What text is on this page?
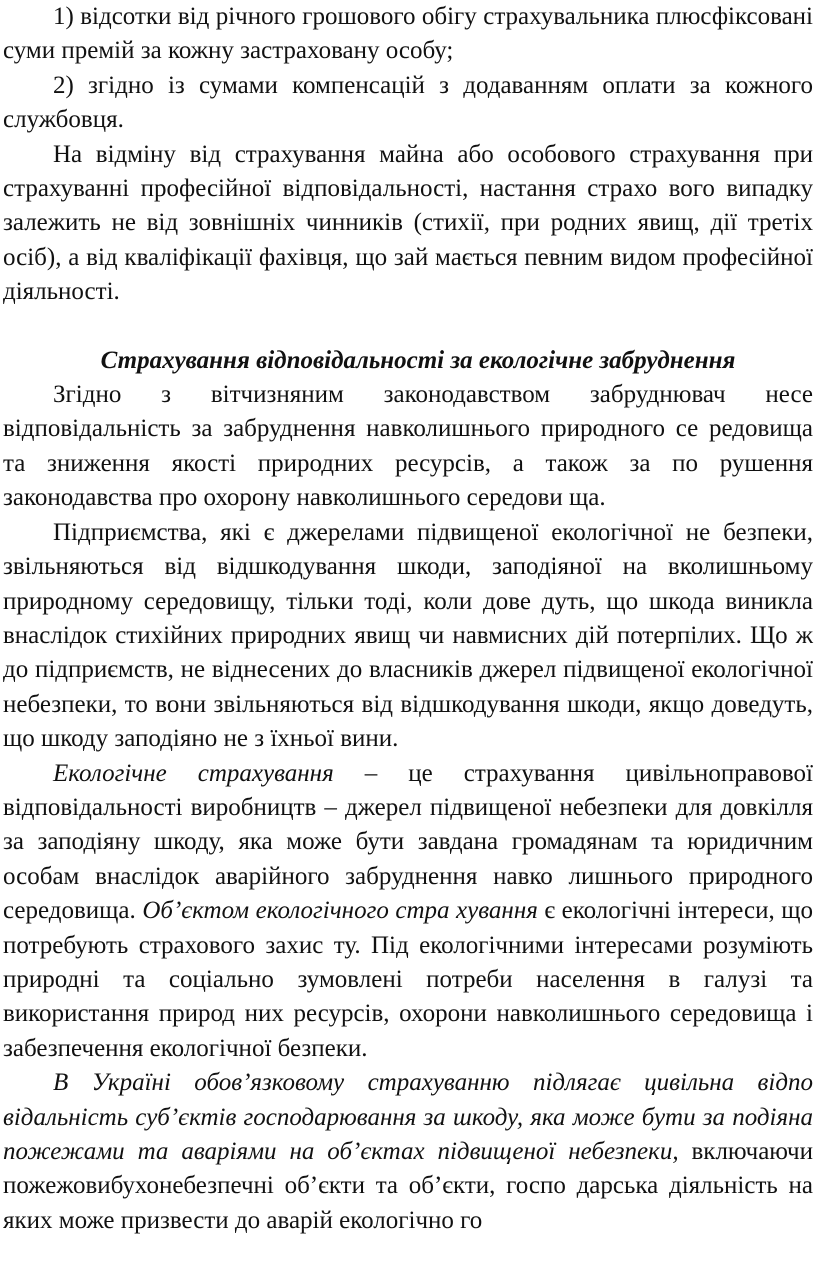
1) відсотки від річного грошового обігу страхувальника плюсфіксовані суми премій за кожну застраховану особу;

2) згідно із сумами компенсацій з додаванням оплати за кожного службовця.

На відміну від страхування майна або особового страхування при страхуванні професійної відповідальності, настання страхо вого випадку залежить не від зовнішніх чинників (стихії, при родних явищ, дії третіх осіб), а від кваліфікації фахівця, що зай мається певним видом професійної діяльності.

Страхування відповідальності за екологічне забруднення

Згідно з вітчизняним законодавством забруднювач несе відповідальність за забруднення навколишнього природного се редовища та зниження якості природних ресурсів, а також за по рушення законодавства про охорону навколишнього середови ща.

Підприємства, які є джерелами підвищеної екологічної не безпеки, звільняються від відшкодування шкоди, заподіяної на вколишньому природному середовищу, тільки тоді, коли дове дуть, що шкода виникла внаслідок стихійних природних явищ чи навмисних дій потерпілих. Що ж до підприємств, не віднесених до власників джерел підвищеної екологічної небезпеки, то вони звільняються від відшкодування шкоди, якщо доведуть, що шкоду заподіяно не з їхньої вини.

Екологічне страхування – це страхування цивільноправової відповідальності виробництв – джерел підвищеної небезпеки для довкілля за заподіяну шкоду, яка може бути завдана громадянам та юридичним особам внаслідок аварійного забруднення навко лишнього природного середовища. Об’єктом екологічного стра хування є екологічні інтереси, що потребують страхового захис ту. Під екологічними інтересами розуміють природні та соціально зумовлені потреби населення в галузі та використання природ них ресурсів, охорони навколишнього середовища і забезпечення екологічної безпеки.

В Україні обов’язковому страхуванню підлягає цивільна відпо відальність суб’єктів господарювання за шкоду, яка може бути за подіяна пожежами та аваріями на об’єктах підвищеної небезпеки, включаючи пожежовибухонебезпечні об’єкти та об’єкти, госпо дарська діяльність на яких може призвести до аварій екологічно го
